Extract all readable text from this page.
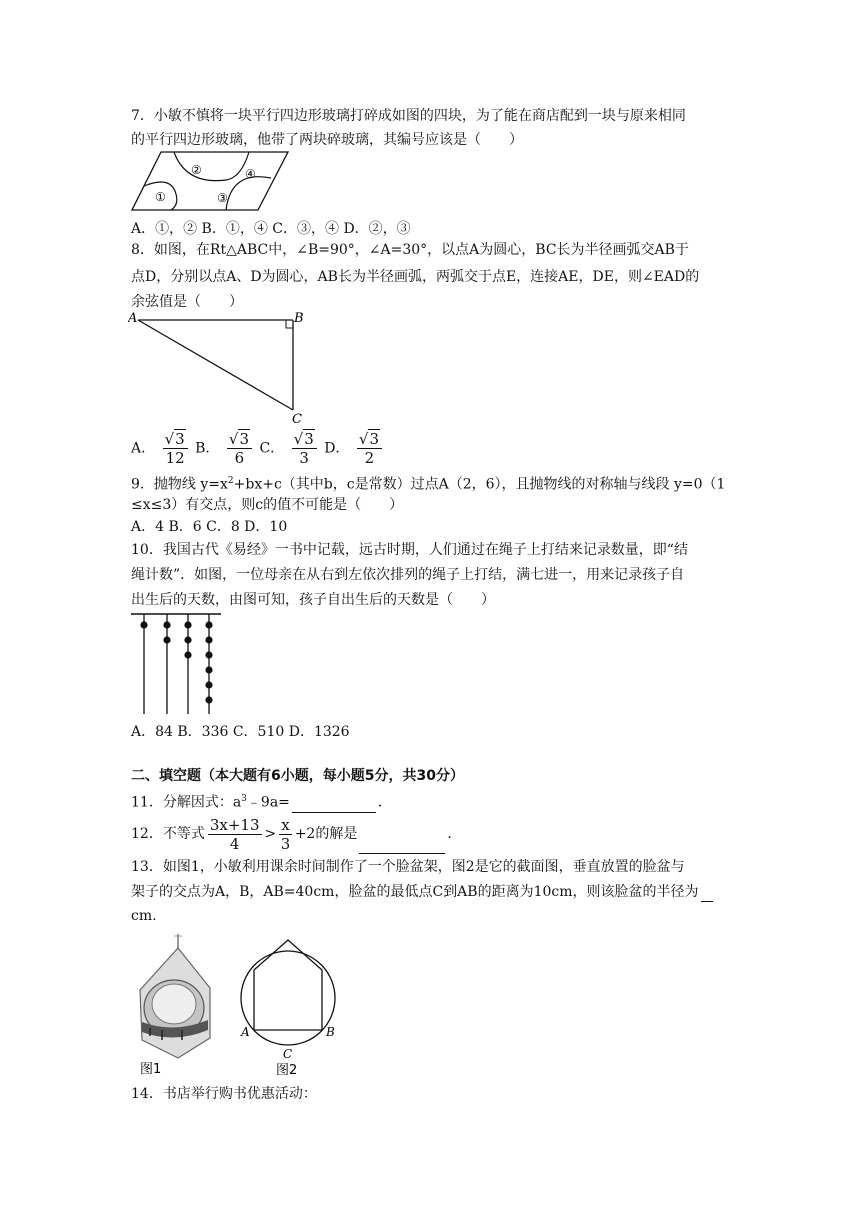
7．小敏不慎将一块平行四边形玻璃打碎成如图的四块，为了能在商店配到一块与原来相同
的平行四边形玻璃，他带了两块碎玻璃，其编号应该是（　　）
①
②
③
④
A．①，② B．①，④ C．③，④ D．②，③
8．如图，在Rt△ABC中，∠B=90°，∠A=30°，以点A为圆心，BC长为半径画弧交AB于
点D，分别以点A、D为圆心，AB长为半径画弧，两弧交于点E，连接AE，DE，则∠EAD的
余弦值是（　　）
A	B
C
A． $\frac{√3}{12}$ B． $\frac{√3}{6}$ C． $\frac{√3}{3}$ D． $\frac{√3}{2}$
9．抛物线 $y=x^2+bx+c$（其中b，c是常数）过点A（2，6），且抛物线的对称轴与线段 y=0（1
≤x≤3）有交点，则c的值不可能是（　　）
A．4 B．6 C．8 D．10
10．我国古代《易经》一书中记载，远古时期，人们通过在绳子上打结来记录数量，即“结
绳计数”．如图，一位母亲在从右到左依次排列的绳子上打结，满七进一，用来记录孩子自
出生后的天数，由图可知，孩子自出生后的天数是（　　）
A．84 B．336 C．510 D．1326
二、填空题（本大题有6小题，每小题5分，共30分）
11．分解因式：$a^3﹣9a=$	．
12．不等式 $\frac{3x+13}{4} > \frac{x}{3} +2$的解是	．
13．如图1，小敏利用课余时间制作了一个脸盆架，图2是它的截面图，垂直放置的脸盆与
架子的交点为A，B，AB=40cm，脸盆的最低点C到AB的距离为10cm，则该脸盆的半径为
cm.
图1
A	B
C
图2
14．书店举行购书优惠活动：
